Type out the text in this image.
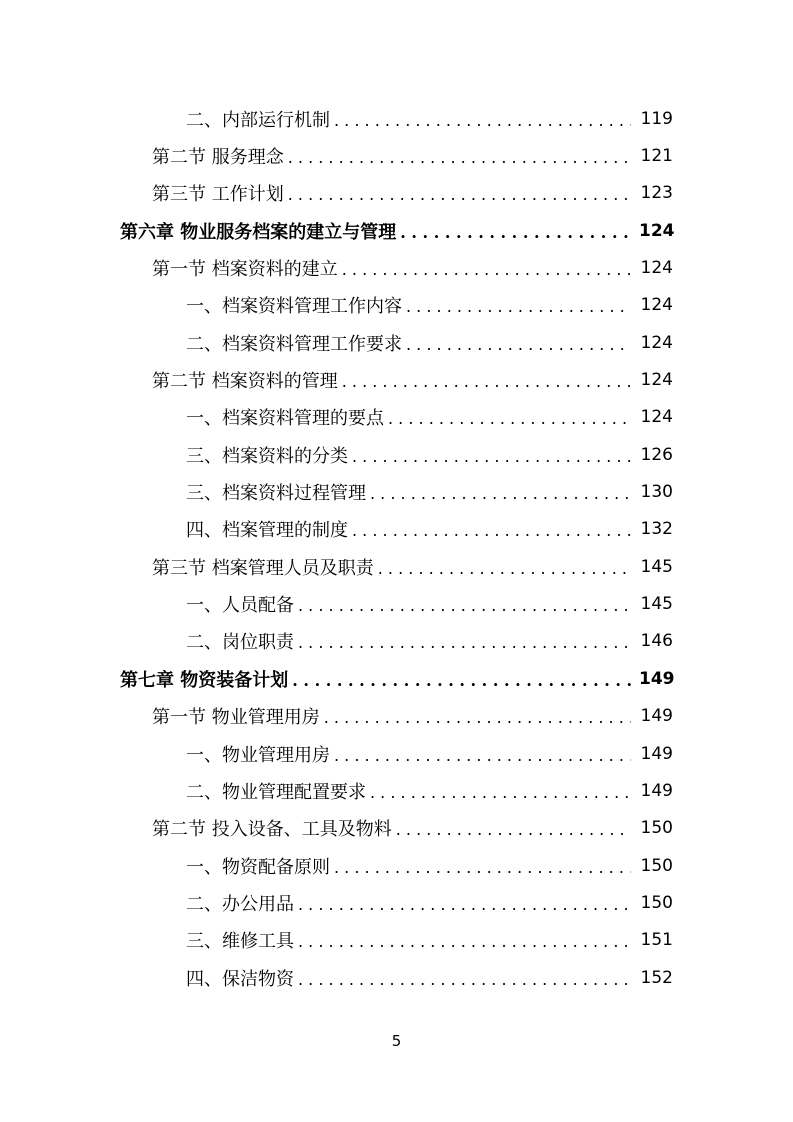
二、内部运行机制 . . .	119
第二节 服务理念 . . .	121
第三节 工作计划 . . .	123
第六章 物业服务档案的建立与管理 . . .	124
第一节 档案资料的建立 . . .	124
一、档案资料管理工作内容 . . .	124
二、档案资料管理工作要求 . . .	124
第二节 档案资料的管理 . . .	124
一、档案资料管理的要点 . . .	124
三、档案资料的分类 . . .	126
三、档案资料过程管理 . . .	130
四、档案管理的制度 . . .	132
第三节 档案管理人员及职责 . . .	145
一、人员配备 . . .	145
二、岗位职责 . . .	146
第七章 物资装备计划 . . .	149
第一节 物业管理用房 . . .	149
一、物业管理用房 . . .	149
二、物业管理配置要求 . . .	149
第二节 投入设备、工具及物料 . . .	150
一、物资配备原则 . . .	150
二、办公用品 . . .	150
三、维修工具 . . .	151
四、保洁物资 . . .	152
5
